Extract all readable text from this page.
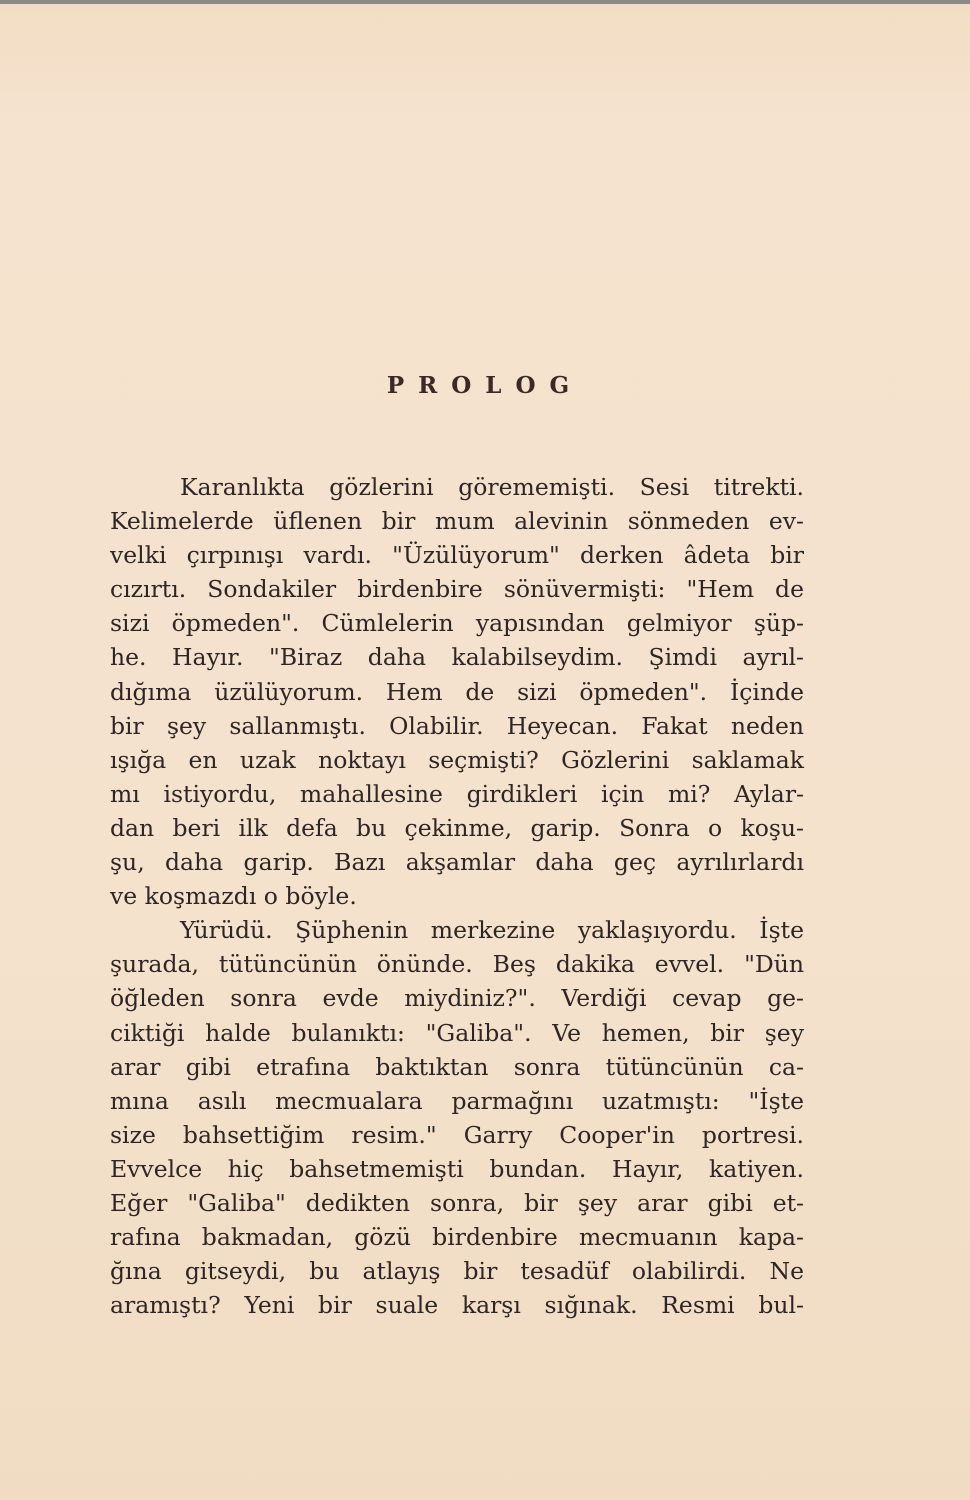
PROLOG
Karanlıkta gözlerini görememişti. Sesi titrekti.
Kelimelerde üflenen bir mum alevinin sönmeden ev-
velki çırpınışı vardı. "Üzülüyorum" derken âdeta bir
cızırtı. Sondakiler birdenbire sönüvermişti: "Hem de
sizi öpmeden". Cümlelerin yapısından gelmiyor şüp-
he. Hayır. "Biraz daha kalabilseydim. Şimdi ayrıl-
dığıma üzülüyorum. Hem de sizi öpmeden". İçinde
bir şey sallanmıştı. Olabilir. Heyecan. Fakat neden
ışığa en uzak noktayı seçmişti? Gözlerini saklamak
mı istiyordu, mahallesine girdikleri için mi? Aylar-
dan beri ilk defa bu çekinme, garip. Sonra o koşu-
şu, daha garip. Bazı akşamlar daha geç ayrılırlardı
ve koşmazdı o böyle.
Yürüdü. Şüphenin merkezine yaklaşıyordu. İşte
şurada, tütüncünün önünde. Beş dakika evvel. "Dün
öğleden sonra evde miydiniz?". Verdiği cevap ge-
ciktiği halde bulanıktı: "Galiba". Ve hemen, bir şey
arar gibi etrafına baktıktan sonra tütüncünün ca-
mına asılı mecmualara parmağını uzatmıştı: "İşte
size bahsettiğim resim." Garry Cooper'in portresi.
Evvelce hiç bahsetmemişti bundan. Hayır, katiyen.
Eğer "Galiba" dedikten sonra, bir şey arar gibi et-
rafına bakmadan, gözü birdenbire mecmuanın kapa-
ğına gitseydi, bu atlayış bir tesadüf olabilirdi. Ne
aramıştı? Yeni bir suale karşı sığınak. Resmi bul-
